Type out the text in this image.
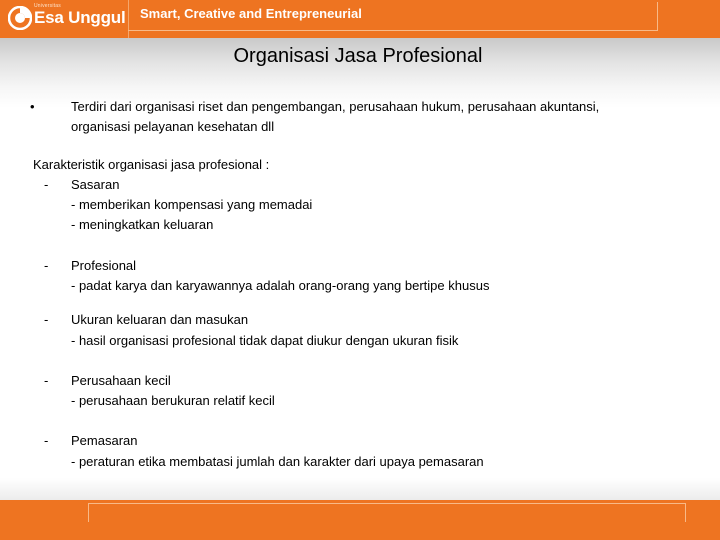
Universitas
Esa Unggul Smart, Creative and Entrepreneurial
Organisasi Jasa Profesional
•	Terdiri dari organisasi riset dan pengembangan, perusahaan hukum, perusahaan akuntansi,
organisasi pelayanan kesehatan dll
Karakteristik organisasi jasa profesional :
- Sasaran
- memberikan kompensasi yang memadai
- meningkatkan keluaran
- Profesional
- padat karya dan karyawannya adalah orang-orang yang bertipe khusus
- Ukuran keluaran dan masukan
- hasil organisasi profesional tidak dapat diukur dengan ukuran fisik
- Perusahaan kecil
- perusahaan berukuran relatif kecil
- Pemasaran
- peraturan etika membatasi jumlah dan karakter dari upaya pemasaran
